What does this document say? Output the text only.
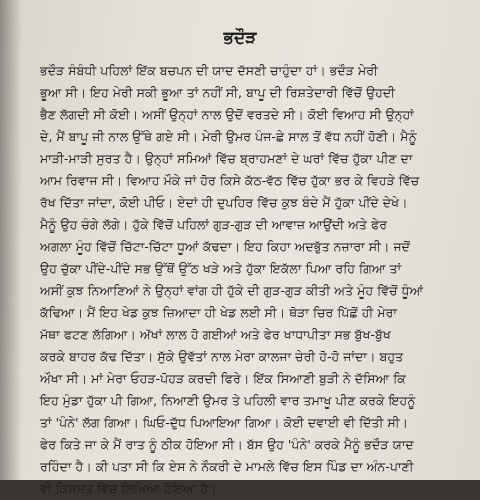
ਭਦੌੜ
ਭਦੌੜ ਸੰਬੰਧੀ ਪਹਿਲਾਂ ਇੱਕ ਬਚਪਨ ਦੀ ਯਾਦ ਦੱਸਣੀ ਚਾਹੁੰਦਾ ਹਾਂ। ਭਦੌੜ ਮੇਰੀ
ਭੂਆ ਸੀ। ਇਹ ਮੇਰੀ ਸਕੀ ਭੂਆ ਤਾਂ ਨਹੀਂ ਸੀ, ਬਾਪੂ ਦੀ ਰਿਸ਼ਤੇਦਾਰੀ ਵਿੱਚੋਂ ਉਹਦੀ
ਭੈਣ ਲੱਗਦੀ ਸੀ ਕੋਈ। ਅਸੀਂ ਉਨ੍ਹਾਂ ਨਾਲ ਉਦੋਂ ਵਰਤਦੇ ਸੀ। ਕੋਈ ਵਿਆਹ ਸੀ ਉਨ੍ਹਾਂ
ਦੇ, ਮੈਂ ਬਾਪੂ ਜੀ ਨਾਲ ਉੱਥੇ ਗਏ ਸੀ। ਮੇਰੀ ਉਮਰ ਪੰਜ-ਛੇ ਸਾਲ ਤੋਂ ਵੱਧ ਨਹੀਂ ਹੋਣੀ। ਮੈਨੂੰ
ਮਾੜੀ-ਮਾੜੀ ਸੁਰਤ ਹੈ। ਉਨ੍ਹਾਂ ਸਮਿਆਂ ਵਿੱਚ ਬ੍ਰਾਹਮਣਾਂ ਦੇ ਘਰਾਂ ਵਿੱਚ ਹੁੱਕਾ ਪੀਣ ਦਾ
ਆਮ ਰਿਵਾਜ ਸੀ। ਵਿਆਹ ਮੌਕੇ ਜਾਂ ਹੋਰ ਕਿਸੇ ਕੱਠ-ਵੱਠ ਵਿੱਚ ਹੁੱਕਾ ਭਰ ਕੇ ਵਿਹੜੇ ਵਿੱਚ
ਰੱਖ ਦਿੱਤਾ ਜਾਂਦਾ, ਕੋਈ ਪੀਓ। ਏਦਾਂ ਹੀ ਦੁਪਹਿਰ ਵਿੱਚ ਕੁਝ ਬੰਦੇ ਮੈਂ ਹੁੱਕਾ ਪੀਂਦੇ ਦੇਖੇ।
ਮੈਨੂੰ ਉਹ ਚੰਗੇ ਲੱਗੇ। ਹੁੱਕੇ ਵਿੱਚੋਂ ਪਹਿਲਾਂ ਗੁੜ-ਗੁੜ ਦੀ ਆਵਾਜ਼ ਆਉਂਦੀ ਅਤੇ ਫੇਰ
ਅਗਲਾ ਮੂੰਹ ਵਿੱਚੋਂ ਚਿੱਟਾ-ਚਿੱਟਾ ਧੂਆਂ ਕੱਢਦਾ। ਇਹ ਕਿਹਾ ਅਦਭੁੱਤ ਨਜ਼ਾਰਾ ਸੀ। ਜਦੋਂ
ਉਹ ਚੁੱਕਾ ਪੀਂਦੇ-ਪੀਂਦੇ ਸਭ ਉੱਥੋਂ ਉੱਠ ਖੜੇ ਅਤੇ ਹੁੱਕਾ ਇਕੱਲਾ ਪਿਆ ਰਹਿ ਗਿਆ ਤਾਂ
ਅਸੀਂ ਕੁਝ ਨਿਆਣਿਆਂ ਨੇ ਉਨ੍ਹਾਂ ਵਾਂਗ ਹੀ ਹੁੱਕੇ ਦੀ ਗੁੜ-ਗੁੜ ਕੀਤੀ ਅਤੇ ਮੂੰਹ ਵਿੱਚੋਂ ਧੂੰਆਂ
ਕੱਢਿਆ। ਮੈਂ ਇਹ ਖੇਡ ਕੁਝ ਜ਼ਿਆਦਾ ਹੀ ਖੇਡ ਲਈ ਸੀ। ਥੋੜਾ ਚਿਰ ਪਿੱਛੋਂ ਹੀ ਮੇਰਾ
ਮੱਥਾ ਫਟਣ ਲੱਗਿਆ। ਅੱਖਾਂ ਲਾਲ ਹੋ ਗਈਆਂ ਅਤੇ ਫੇਰ ਖਾਧਾਪੀਤਾ ਸਭ ਬੁੱਖ-ਬੁੱਖ
ਕਰਕੇ ਬਾਹਰ ਕੱਢ ਦਿੱਤਾ। ਸੁੱਕੇ ਉਵੱਤਾਂ ਨਾਲ ਮੇਰਾ ਕਾਲਜਾ ਚੇਰੀ ਹੋ-ਹੋ ਜਾਂਦਾ। ਬਹੁਤ
ਔਖਾ ਸੀ। ਮਾਂ ਮੇਰਾ ਓਹੜ-ਪੋਹੜ ਕਰਦੀ ਫਿਰੇ। ਇੱਕ ਸਿਆਣੀ ਬੁੜੀ ਨੇ ਦੱਸਿਆ ਕਿ
ਇਹ ਮੁੰਡਾ ਹੁੱਕਾ ਪੀ ਗਿਆ, ਨਿਆਣੀ ਉਮਰ ਤੇ ਪਹਿਲੀ ਵਾਰ ਤਮਾਖੂ ਪੀਣ ਕਰਕੇ ਇਹਨੂੰ
ਤਾਂ 'ਪੰਨੇ' ਲੱਗ ਗਿਆ। ਘਿਓ-ਦੁੱਧ ਪਿਆਇਆ ਗਿਆ। ਕੋਈ ਦਵਾਈ ਵੀ ਦਿੱਤੀ ਸੀ।
ਫੇਰ ਕਿਤੇ ਜਾ ਕੇ ਮੈਂ ਰਾਤ ਨੂੰ ਠੀਕ ਹੋਇਆ ਸੀ। ਬੱਸ ਉਹ 'ਪੰਨੇ' ਕਰਕੇ ਮੈਨੂੰ ਭਦੌੜ ਯਾਦ
ਰਹਿੰਦਾ ਹੈ। ਕੀ ਪਤਾ ਸੀ ਕਿ ਏਸ ਨੇ ਨੌਕਰੀ ਦੇ ਮਾਮਲੇ ਵਿੱਚ ਇਸ ਪਿੰਡ ਦਾ ਅੰਨ-ਪਾਣੀ
ਵੀ ਕਿਸਮਤ ਵਿੱਚ ਲਿਖਿਆ ਹੋਇਆ ਹੈ।
